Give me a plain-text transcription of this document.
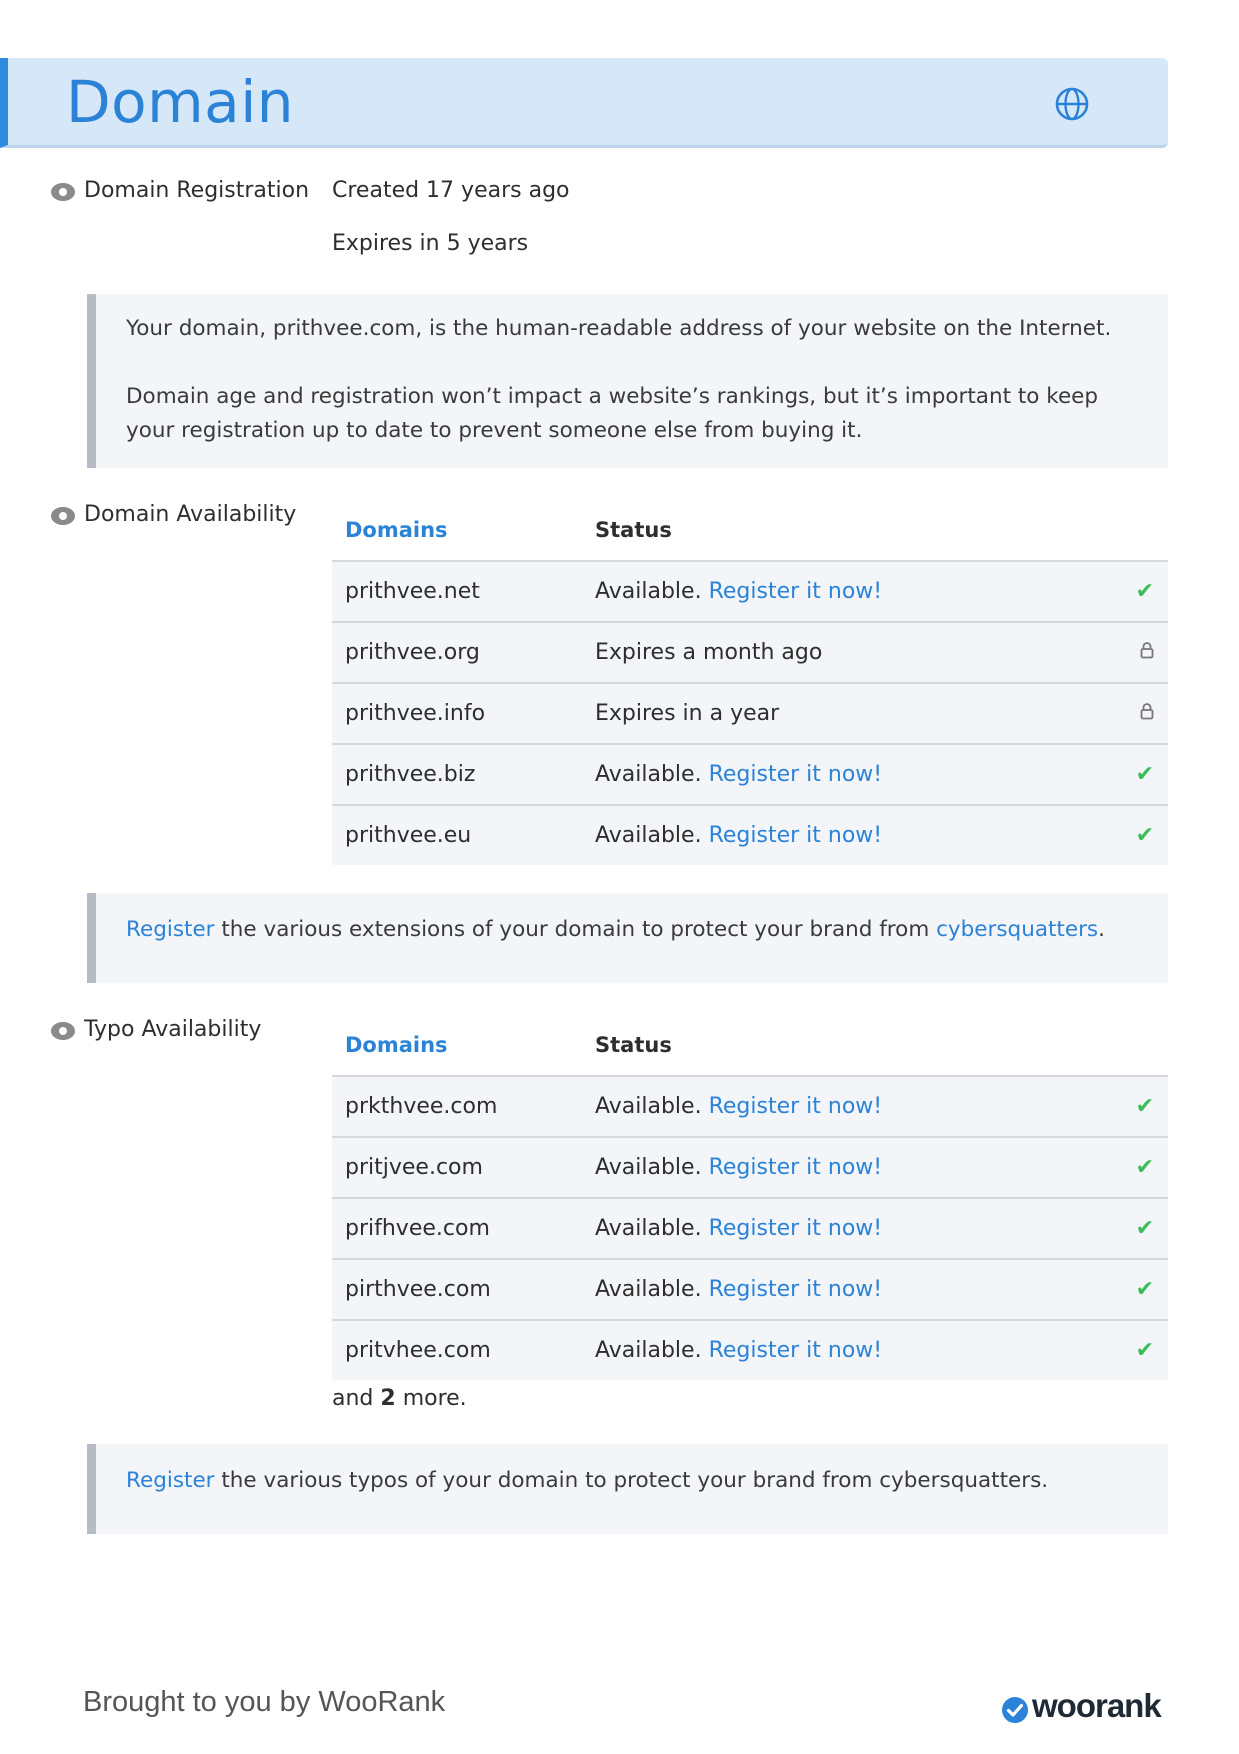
Domain
Domain Registration Created 17 years ago
Expires in 5 years

Your domain, prithvee.com, is the human-readable address of your website on the Internet.

Domain age and registration won’t impact a website’s rankings, but it’s important to keep

your registration up to date to prevent someone else from buying it.

Domain Availability
Domains	Status	
prithvee.net	Available. Register it now!	✔
prithvee.org	Expires a month ago	
prithvee.info	Expires in a year	
prithvee.biz	Available. Register it now!	✔
prithvee.eu	Available. Register it now!	✔

Register the various extensions of your domain to protect your brand from cybersquatters.

Typo Availability
Domains	Status	
prkthvee.com	Available. Register it now!	✔
pritjvee.com	Available. Register it now!	✔
prifhvee.com	Available. Register it now!	✔
pirthvee.com	Available. Register it now!	✔
pritvhee.com	Available. Register it now!	✔
and 2 more.

Register the various typos of your domain to protect your brand from cybersquatters.

Brought to you by WooRank	woorank
